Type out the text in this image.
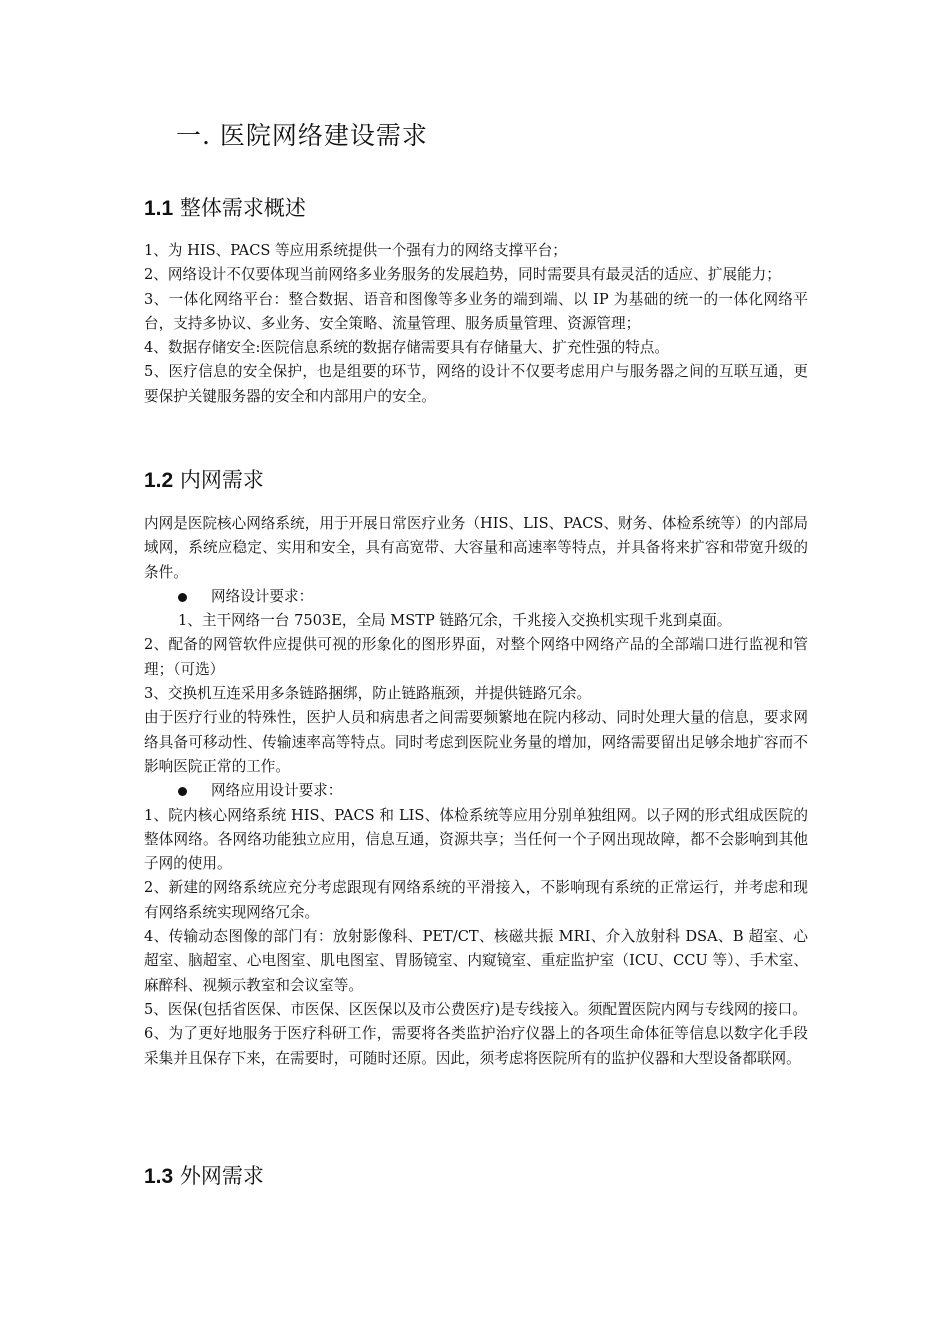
一. 医院网络建设需求
1.1 整体需求概述

1、为 HIS、PACS 等应用系统提供一个强有力的网络支撑平台；

2、网络设计不仅要体现当前网络多业务服务的发展趋势，同时需要具有最灵活的适应、扩展能力；

3、一体化网络平台：整合数据、语音和图像等多业务的端到端、以 IP 为基础的统一的一体化网络平台，支持多协议、多业务、安全策略、流量管理、服务质量管理、资源管理；

4、数据存储安全:医院信息系统的数据存储需要具有存储量大、扩充性强的特点。

5、医疗信息的安全保护，也是组要的环节，网络的设计不仅要考虑用户与服务器之间的互联互通，更要保护关键服务器的安全和内部用户的安全。

1.2 内网需求

内网是医院核心网络系统，用于开展日常医疗业务（HIS、LIS、PACS、财务、体检系统等）的内部局域网，系统应稳定、实用和安全，具有高宽带、大容量和高速率等特点，并具备将来扩容和带宽升级的条件。

网络设计要求：

1、主干网络一台 7503E，全局 MSTP 链路冗余，千兆接入交换机实现千兆到桌面。

2、配备的网管软件应提供可视的形象化的图形界面，对整个网络中网络产品的全部端口进行监视和管理；（可选）

3、交换机互连采用多条链路捆绑，防止链路瓶颈，并提供链路冗余。

由于医疗行业的特殊性，医护人员和病患者之间需要频繁地在院内移动、同时处理大量的信息，要求网络具备可移动性、传输速率高等特点。同时考虑到医院业务量的增加，网络需要留出足够余地扩容而不影响医院正常的工作。

网络应用设计要求：

1、院内核心网络系统 HIS、PACS 和 LIS、体检系统等应用分别单独组网。以子网的形式组成医院的整体网络。各网络功能独立应用，信息互通，资源共享；当任何一个子网出现故障，都不会影响到其他子网的使用。

2、新建的网络系统应充分考虑跟现有网络系统的平滑接入，不影响现有系统的正常运行，并考虑和现有网络系统实现网络冗余。

4、传输动态图像的部门有：放射影像科、PET/CT、核磁共振 MRI、介入放射科 DSA、B 超室、心超室、脑超室、心电图室、肌电图室、胃肠镜室、内窥镜室、重症监护室（ICU、CCU 等）、手术室、麻醉科、视频示教室和会议室等。

5、医保(包括省医保、市医保、区医保以及市公费医疗)是专线接入。须配置医院内网与专线网的接口。

6、为了更好地服务于医疗科研工作，需要将各类监护治疗仪器上的各项生命体征等信息以数字化手段采集并且保存下来，在需要时，可随时还原。因此，须考虑将医院所有的监护仪器和大型设备都联网。

1.3 外网需求
